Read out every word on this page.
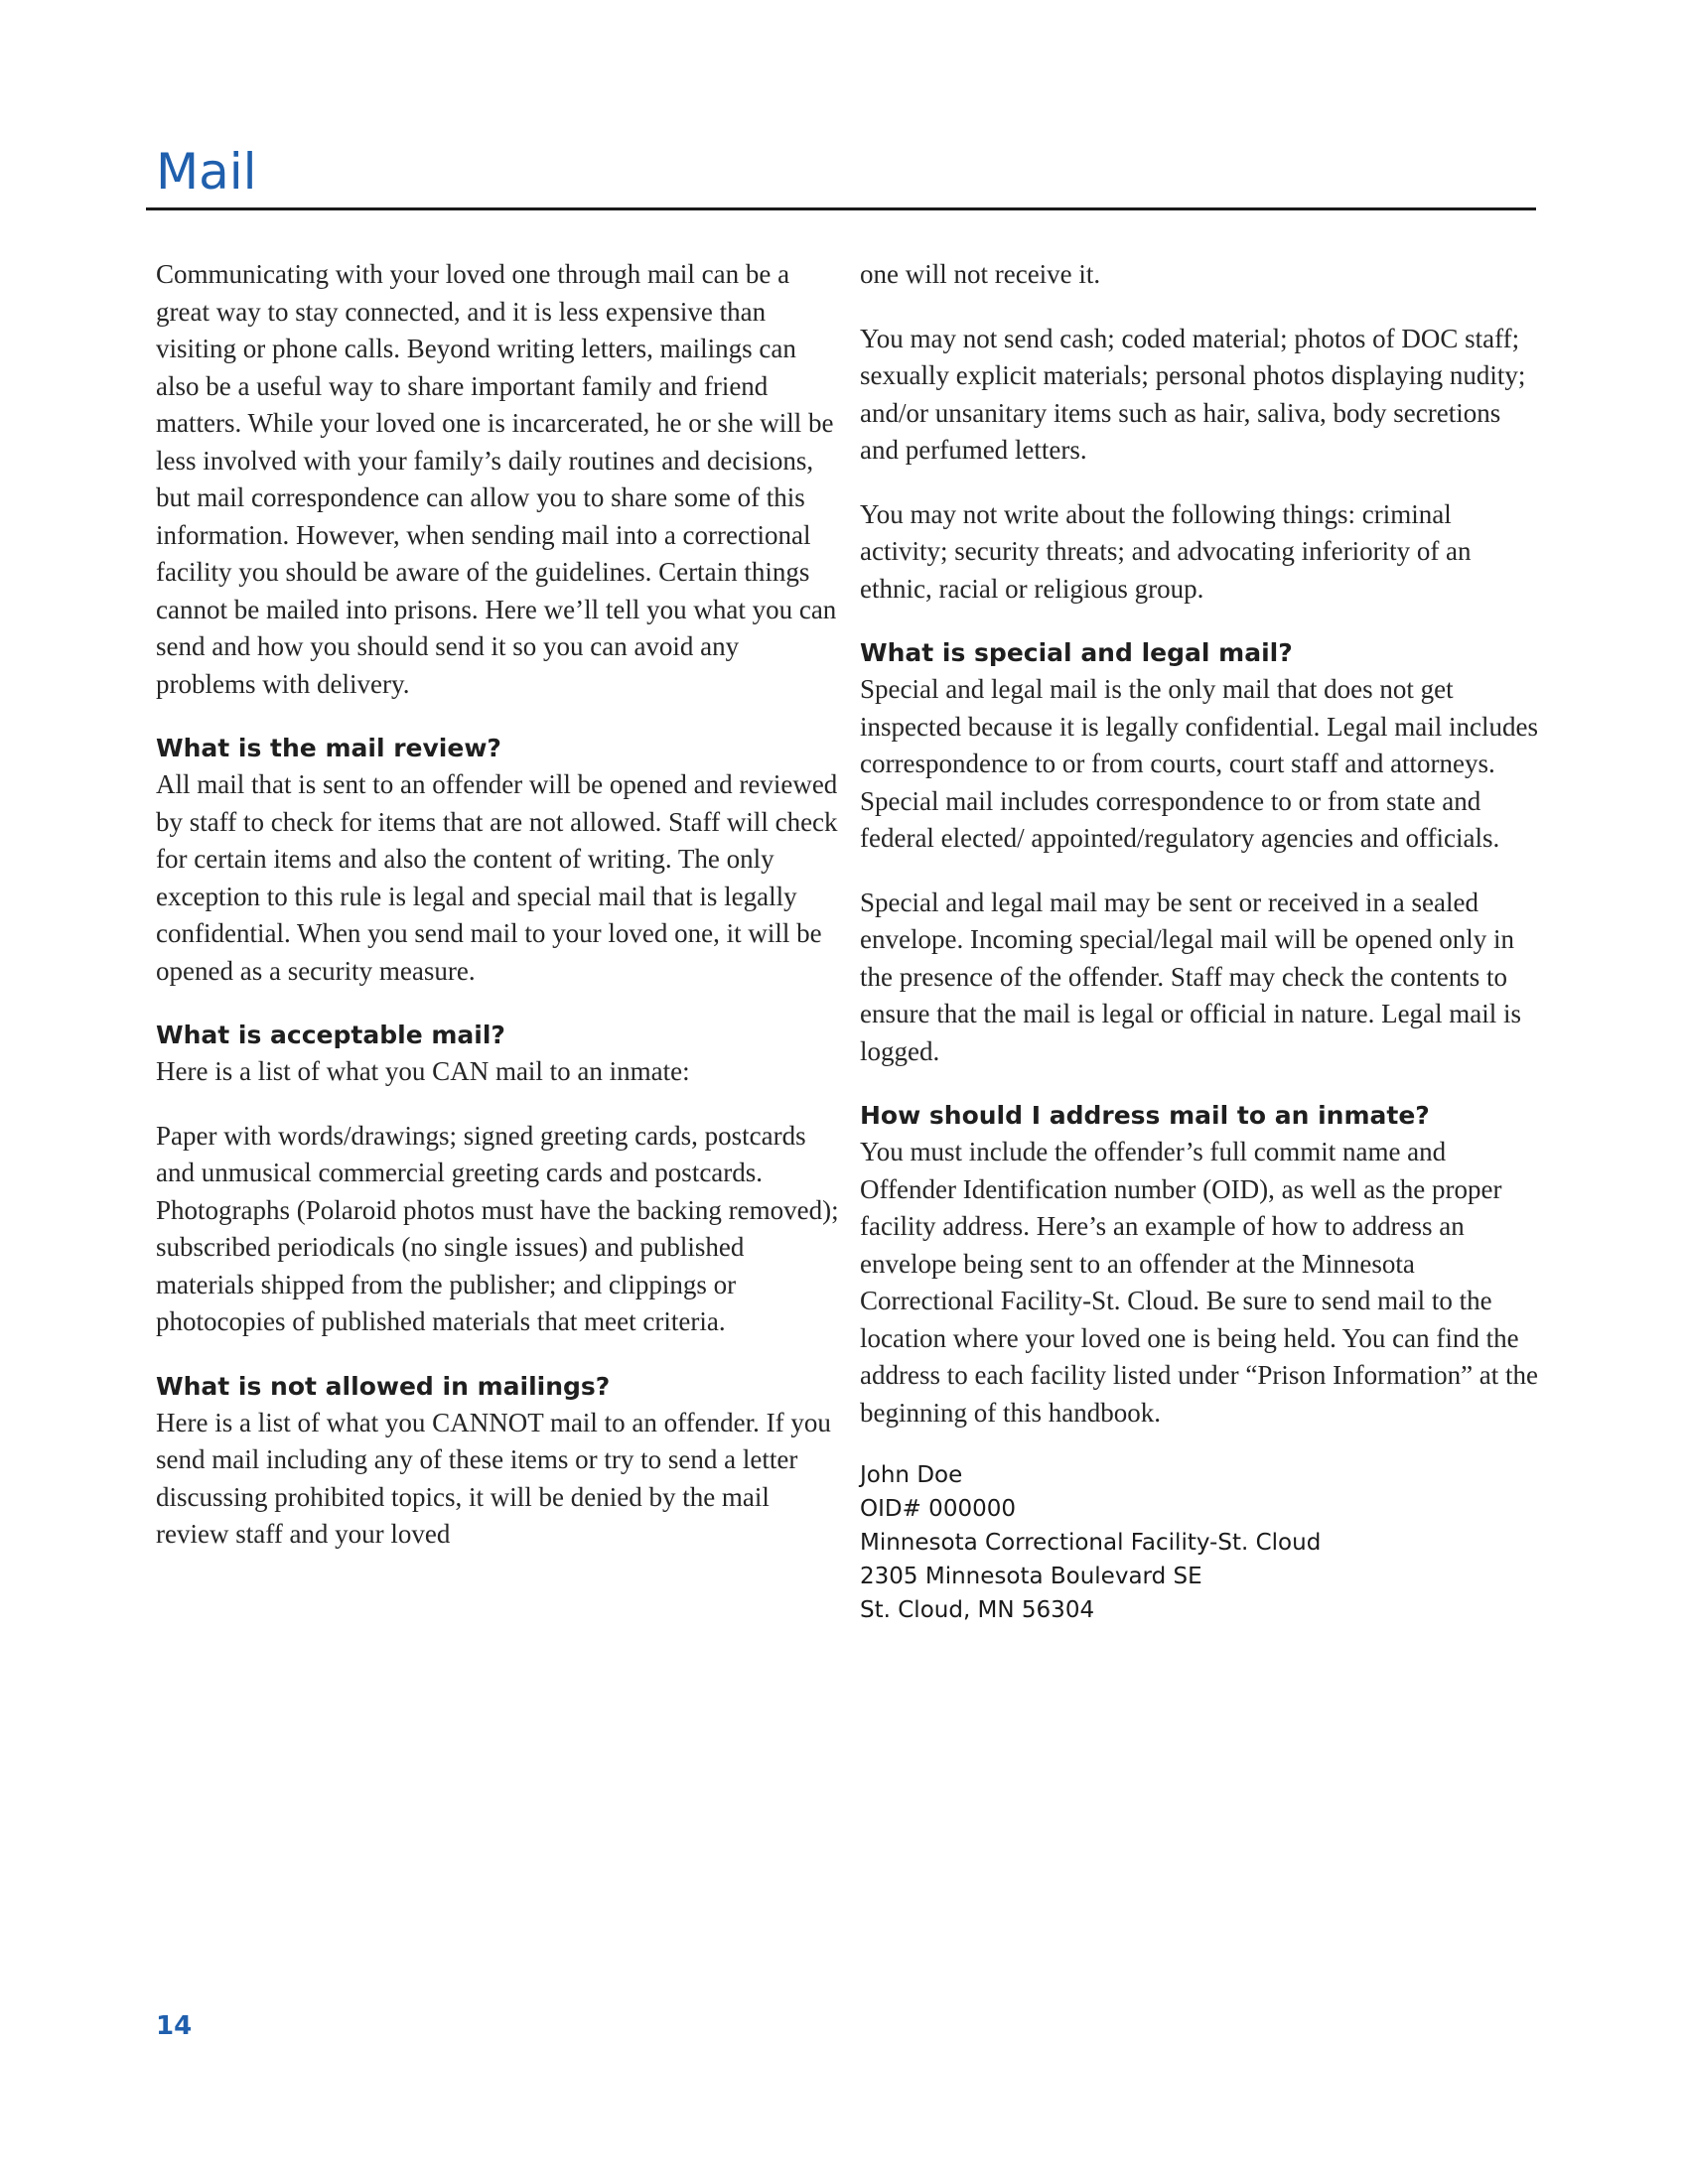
Mail

Communicating with your loved one through mail can be a great way to stay connected, and it is less expensive than visiting or phone calls. Beyond writing letters, mailings can also be a useful way to share important family and friend matters. While your loved one is incarcerated, he or she will be less involved with your family’s daily routines and decisions, but mail correspondence can allow you to share some of this information. However, when sending mail into a correctional facility you should be aware of the guidelines. Certain things cannot be mailed into prisons. Here we’ll tell you what you can send and how you should send it so you can avoid any problems with delivery.

What is the mail review?

All mail that is sent to an offender will be opened and reviewed by staff to check for items that are not allowed. Staff will check for certain items and also the content of writing. The only exception to this rule is legal and special mail that is legally confidential. When you send mail to your loved one, it will be opened as a security measure.

What is acceptable mail?

Here is a list of what you CAN mail to an inmate:

Paper with words/drawings; signed greeting cards, postcards and unmusical commercial greeting cards and postcards. Photographs (Polaroid photos must have the backing removed); subscribed periodicals (no single issues) and published materials shipped from the publisher; and clippings or photocopies of published materials that meet criteria.

What is not allowed in mailings?

Here is a list of what you CANNOT mail to an offender. If you send mail including any of these items or try to send a letter discussing prohibited topics, it will be denied by the mail review staff and your loved

one will not receive it.

You may not send cash; coded material; photos of DOC staff; sexually explicit materials; personal photos displaying nudity; and/or unsanitary items such as hair, saliva, body secretions and perfumed letters.

You may not write about the following things: criminal activity; security threats; and advocating inferiority of an ethnic, racial or religious group.

What is special and legal mail?

Special and legal mail is the only mail that does not get inspected because it is legally confidential. Legal mail includes correspondence to or from courts, court staff and attorneys. Special mail includes correspondence to or from state and federal elected/ appointed/regulatory agencies and officials.

Special and legal mail may be sent or received in a sealed envelope. Incoming special/legal mail will be opened only in the presence of the offender. Staff may check the contents to ensure that the mail is legal or official in nature. Legal mail is logged.

How should I address mail to an inmate?

You must include the offender’s full commit name and Offender Identification number (OID), as well as the proper facility address. Here’s an example of how to address an envelope being sent to an offender at the Minnesota Correctional Facility-St. Cloud. Be sure to send mail to the location where your loved one is being held. You can find the address to each facility listed under “Prison Information” at the beginning of this handbook.

John Doe
OID# 000000
Minnesota Correctional Facility-St. Cloud
2305 Minnesota Boulevard SE
St. Cloud, MN 56304
14
